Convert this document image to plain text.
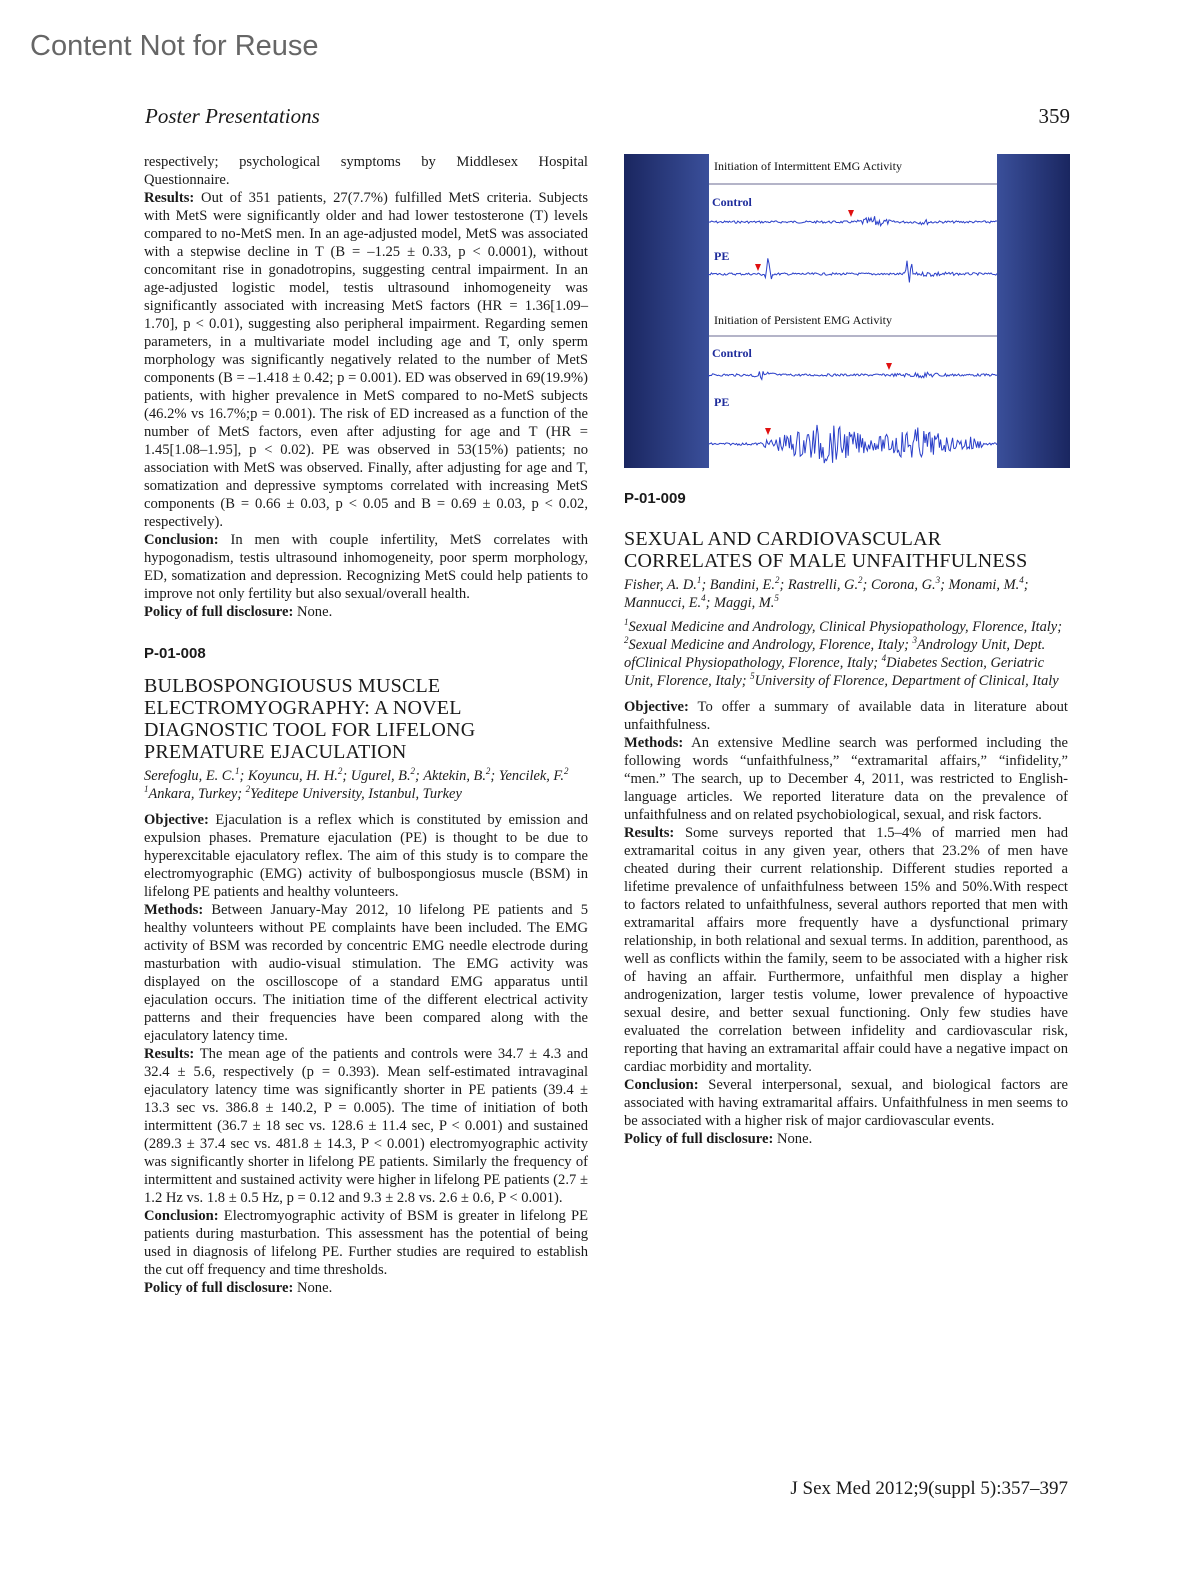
Content Not for Reuse
Poster Presentations	359

respectively; psychological symptoms by Middlesex Hospital Questionnaire.

Results: Out of 351 patients, 27(7.7%) fulfilled MetS criteria. Subjects with MetS were significantly older and had lower testosterone (T) levels compared to no-MetS men. In an age-adjusted model, MetS was associated with a stepwise decline in T (B = –1.25 ± 0.33, p < 0.0001), without concomitant rise in gonadotropins, suggesting central impairment. In an age-adjusted logistic model, testis ultrasound inhomogeneity was significantly associated with increasing MetS factors (HR = 1.36[1.09–1.70], p < 0.01), suggesting also peripheral impairment. Regarding semen parameters, in a multivariate model including age and T, only sperm morphology was significantly negatively related to the number of MetS components (B = –1.418 ± 0.42; p = 0.001). ED was observed in 69(19.9%) patients, with higher prevalence in MetS compared to no-MetS subjects (46.2% vs 16.7%;p = 0.001). The risk of ED increased as a function of the number of MetS factors, even after adjusting for age and T (HR = 1.45[1.08–1.95], p < 0.02). PE was observed in 53(15%) patients; no association with MetS was observed. Finally, after adjusting for age and T, somatization and depressive symptoms correlated with increasing MetS components (B = 0.66 ± 0.03, p < 0.05 and B = 0.69 ± 0.03, p < 0.02, respectively).

Conclusion: In men with couple infertility, MetS correlates with hypogonadism, testis ultrasound inhomogeneity, poor sperm morphology, ED, somatization and depression. Recognizing MetS could help patients to improve not only fertility but also sexual/overall health.

Policy of full disclosure: None.

P-01-008
BULBOSPONGIOUSUS MUSCLE ELECTROMYOGRAPHY: A NOVEL DIAGNOSTIC TOOL FOR LIFELONG PREMATURE EJACULATION
Serefoglu, E. C.$^1$; Koyuncu, H. H.$^2$; Ugurel, B.$^2$; Aktekin, B.$^2$; Yencilek, F.$^2$
$^1$Ankara, Turkey; $^2$Yeditepe University, Istanbul, Turkey

Objective: Ejaculation is a reflex which is constituted by emission and expulsion phases. Premature ejaculation (PE) is thought to be due to hyperexcitable ejaculatory reflex. The aim of this study is to compare the electromyographic (EMG) activity of bulbospongiosus muscle (BSM) in lifelong PE patients and healthy volunteers.

Methods: Between January-May 2012, 10 lifelong PE patients and 5 healthy volunteers without PE complaints have been included. The EMG activity of BSM was recorded by concentric EMG needle electrode during masturbation with audio-visual stimulation. The EMG activity was displayed on the oscilloscope of a standard EMG apparatus until ejaculation occurs. The initiation time of the different electrical activity patterns and their frequencies have been compared along with the ejaculatory latency time.

Results: The mean age of the patients and controls were 34.7 ± 4.3 and 32.4 ± 5.6, respectively (p = 0.393). Mean self-estimated intravaginal ejaculatory latency time was significantly shorter in PE patients (39.4 ± 13.3 sec vs. 386.8 ± 140.2, P = 0.005). The time of initiation of both intermittent (36.7 ± 18 sec vs. 128.6 ± 11.4 sec, P < 0.001) and sustained (289.3 ± 37.4 sec vs. 481.8 ± 14.3, P < 0.001) electromyographic activity was significantly shorter in lifelong PE patients. Similarly the frequency of intermittent and sustained activity were higher in lifelong PE patients (2.7 ± 1.2 Hz vs. 1.8 ± 0.5 Hz, p = 0.12 and 9.3 ± 2.8 vs. 2.6 ± 0.6, P < 0.001).

Conclusion: Electromyographic activity of BSM is greater in lifelong PE patients during masturbation. This assessment has the potential of being used in diagnosis of lifelong PE. Further studies are required to establish the cut off frequency and time thresholds.

Policy of full disclosure: None.

Initiation of Intermittent EMG Activity
Control
PE
Initiation of Persistent EMG Activity
Control
PE
P-01-009
SEXUAL AND CARDIOVASCULAR CORRELATES OF MALE UNFAITHFULNESS
Fisher, A. D.$^1$; Bandini, E.$^2$; Rastrelli, G.$^2$; Corona, G.$^3$; Monami, M.$^4$; Mannucci, E.$^4$; Maggi, M.$^5$
$^1$Sexual Medicine and Andrology, Clinical Physiopathology, Florence, Italy; $^2$Sexual Medicine and Andrology, Florence, Italy; $^3$Andrology Unit, Dept. ofClinical Physiopathology, Florence, Italy; $^4$Diabetes Section, Geriatric Unit, Florence, Italy; $^5$University of Florence, Department of Clinical, Italy

Objective: To offer a summary of available data in literature about unfaithfulness.

Methods: An extensive Medline search was performed including the following words “unfaithfulness,” “extramarital affairs,” “infidelity,” “men.” The search, up to December 4, 2011, was restricted to English-language articles. We reported literature data on the prevalence of unfaithfulness and on related psychobiological, sexual, and risk factors.

Results: Some surveys reported that 1.5–4% of married men had extramarital coitus in any given year, others that 23.2% of men have cheated during their current relationship. Different studies reported a lifetime prevalence of unfaithfulness between 15% and 50%.With respect to factors related to unfaithfulness, several authors reported that men with extramarital affairs more frequently have a dysfunctional primary relationship, in both relational and sexual terms. In addition, parenthood, as well as conflicts within the family, seem to be associated with a higher risk of having an affair. Furthermore, unfaithful men display a higher androgenization, larger testis volume, lower prevalence of hypoactive sexual desire, and better sexual functioning. Only few studies have evaluated the correlation between infidelity and cardiovascular risk, reporting that having an extramarital affair could have a negative impact on cardiac morbidity and mortality.

Conclusion: Several interpersonal, sexual, and biological factors are associated with having extramarital affairs. Unfaithfulness in men seems to be associated with a higher risk of major cardiovascular events.

Policy of full disclosure: None.

J Sex Med 2012;9(suppl 5):357–397
